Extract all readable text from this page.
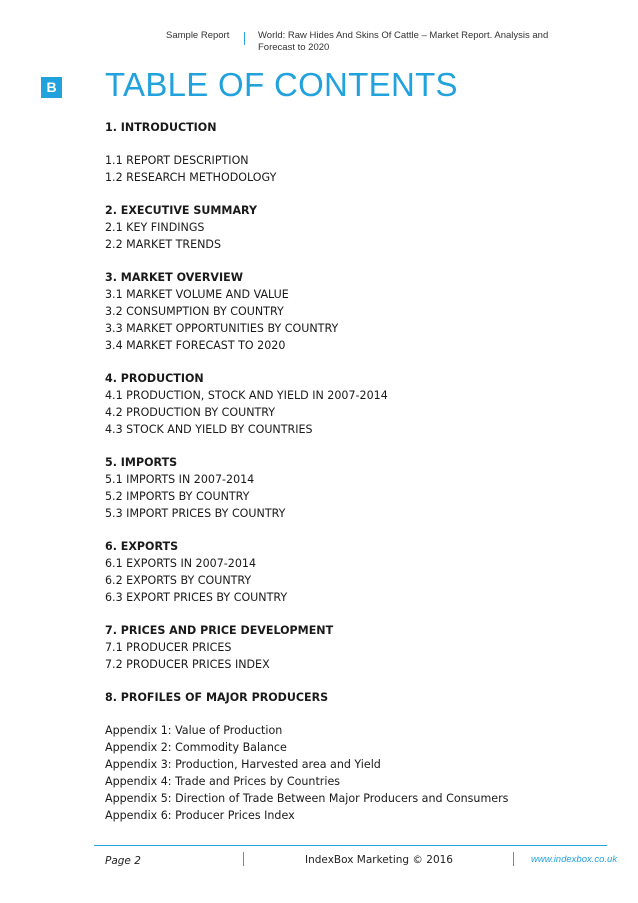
Sample Report	World: Raw Hides And Skins Of Cattle – Market Report. Analysis and
Forecast to 2020
B TABLE OF CONTENTS
1. INTRODUCTION
1.1 REPORT DESCRIPTION
1.2 RESEARCH METHODOLOGY
2. EXECUTIVE SUMMARY
2.1 KEY FINDINGS
2.2 MARKET TRENDS
3. MARKET OVERVIEW
3.1 MARKET VOLUME AND VALUE
3.2 CONSUMPTION BY COUNTRY
3.3 MARKET OPPORTUNITIES BY COUNTRY
3.4 MARKET FORECAST TO 2020
4. PRODUCTION
4.1 PRODUCTION, STOCK AND YIELD IN 2007-2014
4.2 PRODUCTION BY COUNTRY
4.3 STOCK AND YIELD BY COUNTRIES
5. IMPORTS
5.1 IMPORTS IN 2007-2014
5.2 IMPORTS BY COUNTRY
5.3 IMPORT PRICES BY COUNTRY
6. EXPORTS
6.1 EXPORTS IN 2007-2014
6.2 EXPORTS BY COUNTRY
6.3 EXPORT PRICES BY COUNTRY
7. PRICES AND PRICE DEVELOPMENT
7.1 PRODUCER PRICES
7.2 PRODUCER PRICES INDEX
8. PROFILES OF MAJOR PRODUCERS
Appendix 1: Value of Production
Appendix 2: Commodity Balance
Appendix 3: Production, Harvested area and Yield
Appendix 4: Trade and Prices by Countries
Appendix 5: Direction of Trade Between Major Producers and Consumers
Appendix 6: Producer Prices Index
Page 2	IndexBox Marketing © 2016	www.indexbox.co.uk
